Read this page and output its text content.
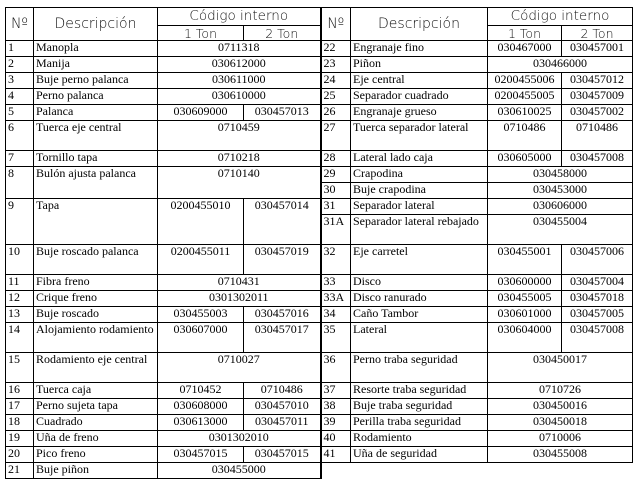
Nº	Descripción	Código interno		Nº	Descripción	Código interno	
		1 Ton	2 Ton			1 Ton	2 Ton
1	Manopla	0711318		22	Engranaje fino	030467000	030457001
2	Manija	030612000		23	Piñon	030466000	
3	Buje perno palanca	030611000		24	Eje central	0200455006	030457012
4	Perno palanca	030610000		25	Separador cuadrado	0200455005	030457009
5	Palanca	030609000	030457013	26	Engranaje grueso	030610025	030457002
6	Tuerca eje central	0710459		27	Tuerca separador lateral	0710486	0710486
7	Tornillo tapa	0710218		28	Lateral lado caja	030605000	030457008
8	Bulón ajusta palanca	0710140		29	Crapodina	030458000	
				30	Buje crapodina	030453000	
9	Tapa	0200455010	030457014	31	Separador lateral	030606000	
				31A	Separador lateral rebajado	030455004	
10	Buje roscado palanca	0200455011	030457019	32	Eje carretel	030455001	030457006
11	Fibra freno	0710431		33	Disco	030600000	030457004
12	Crique freno	0301302011		33A	Disco ranurado	030455005	030457018
13	Buje roscado	030455003	030457016	34	Caño Tambor	030601000	030457005
14	Alojamiento rodamiento	030607000	030457017	35	Lateral	030604000	030457008
15	Rodamiento eje central	0710027		36	Perno traba seguridad	030450017	
16	Tuerca caja	0710452	0710486	37	Resorte traba seguridad	0710726	
17	Perno sujeta tapa	030608000	030457010	38	Buje traba seguridad	030450016	
18	Cuadrado	030613000	030457011	39	Perilla traba seguridad	030450018	
19	Uña de freno	0301302010		40	Rodamiento	0710006	
20	Pico freno	030457015	030457015	41	Uña de seguridad	030455008	
21	Buje piñon	030455000					
